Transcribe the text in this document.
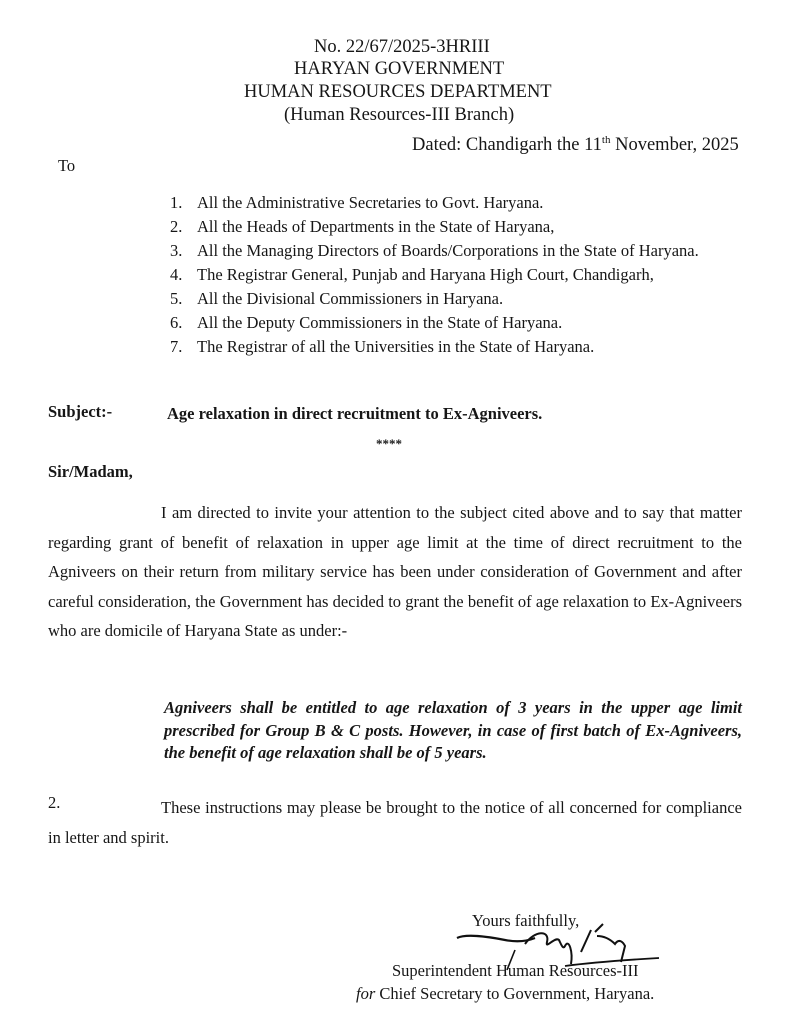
No. 22/67/2025-3HRIII
HARYAN GOVERNMENT
HUMAN RESOURCES DEPARTMENT
(Human Resources-III Branch)
Dated: Chandigarh the 11th November, 2025
To
1. All the Administrative Secretaries to Govt. Haryana.
2. All the Heads of Departments in the State of Haryana,
3. All the Managing Directors of Boards/Corporations in the State of Haryana.
4. The Registrar General, Punjab and Haryana High Court, Chandigarh,
5. All the Divisional Commissioners in Haryana.
6. All the Deputy Commissioners in the State of Haryana.
7. The Registrar of all the Universities in the State of Haryana.
Subject:-	Age relaxation in direct recruitment to Ex-Agniveers.
****
Sir/Madam,
I am directed to invite your attention to the subject cited above and to say that matter regarding grant of benefit of relaxation in upper age limit at the time of direct recruitment to the Agniveers on their return from military service has been under consideration of Government and after careful consideration, the Government has decided to grant the benefit of age relaxation to Ex-Agniveers who are domicile of Haryana State as under:-
Agniveers shall be entitled to age relaxation of 3 years in the upper age limit prescribed for Group B & C posts. However, in case of first batch of Ex-Agniveers, the benefit of age relaxation shall be of 5 years.
2.	These instructions may please be brought to the notice of all concerned for compliance in letter and spirit.
Yours faithfully,
Superintendent Human Resources-III
for Chief Secretary to Government, Haryana.
